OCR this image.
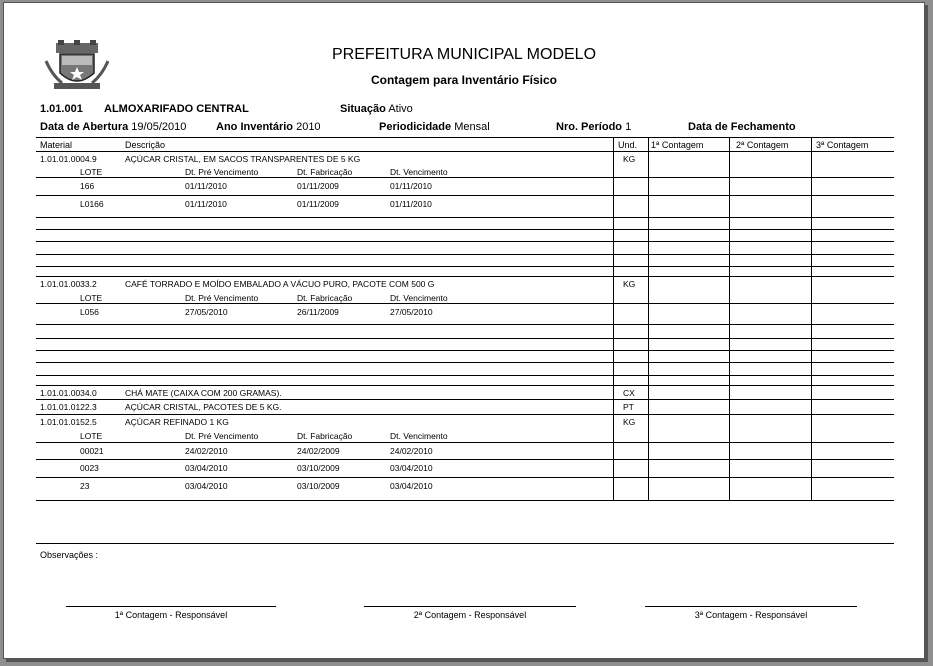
PREFEITURA MUNICIPAL MODELO
Contagem para Inventário Físico
1.01.001 ALMOXARIFADO CENTRAL	Situação Ativo
Data de Abertura 19/05/2010	Ano Inventário 2010	Periodicidade Mensal	Nro. Período 1	Data de Fechamento
Material	Descrição	Und. 1ª Contagem	2ª Contagem	3ª Contagem
1.01.01.0004.9	AÇÚCAR CRISTAL, EM SACOS TRANSPARENTES DE 5 KG	KG
LOTE	Dt. Pré Vencimento	Dt. Fabricação	Dt. Vencimento
166	01/11/2010	01/11/2009	01/11/2010
L0166	01/11/2010	01/11/2009	01/11/2010
1.01.01.0033.2	CAFÉ TORRADO E MOÍDO EMBALADO A VÁCUO PURO, PACOTE COM 500 G	KG
LOTE	Dt. Pré Vencimento	Dt. Fabricação	Dt. Vencimento
L056	27/05/2010	26/11/2009	27/05/2010
1.01.01.0034.0	CHÁ MATE (CAIXA COM 200 GRAMAS).	CX
1.01.01.0122.3	AÇÚCAR CRISTAL, PACOTES DE 5 KG.	PT
1.01.01.0152.5	AÇÚCAR REFINADO 1 KG	KG
LOTE	Dt. Pré Vencimento	Dt. Fabricação	Dt. Vencimento
00021	24/02/2010	24/02/2009	24/02/2010
0023	03/04/2010	03/10/2009	03/04/2010
23	03/04/2010	03/10/2009	03/04/2010
Observações :
1ª Contagem - Responsável	2ª Contagem - Responsável	3ª Contagem - Responsável
